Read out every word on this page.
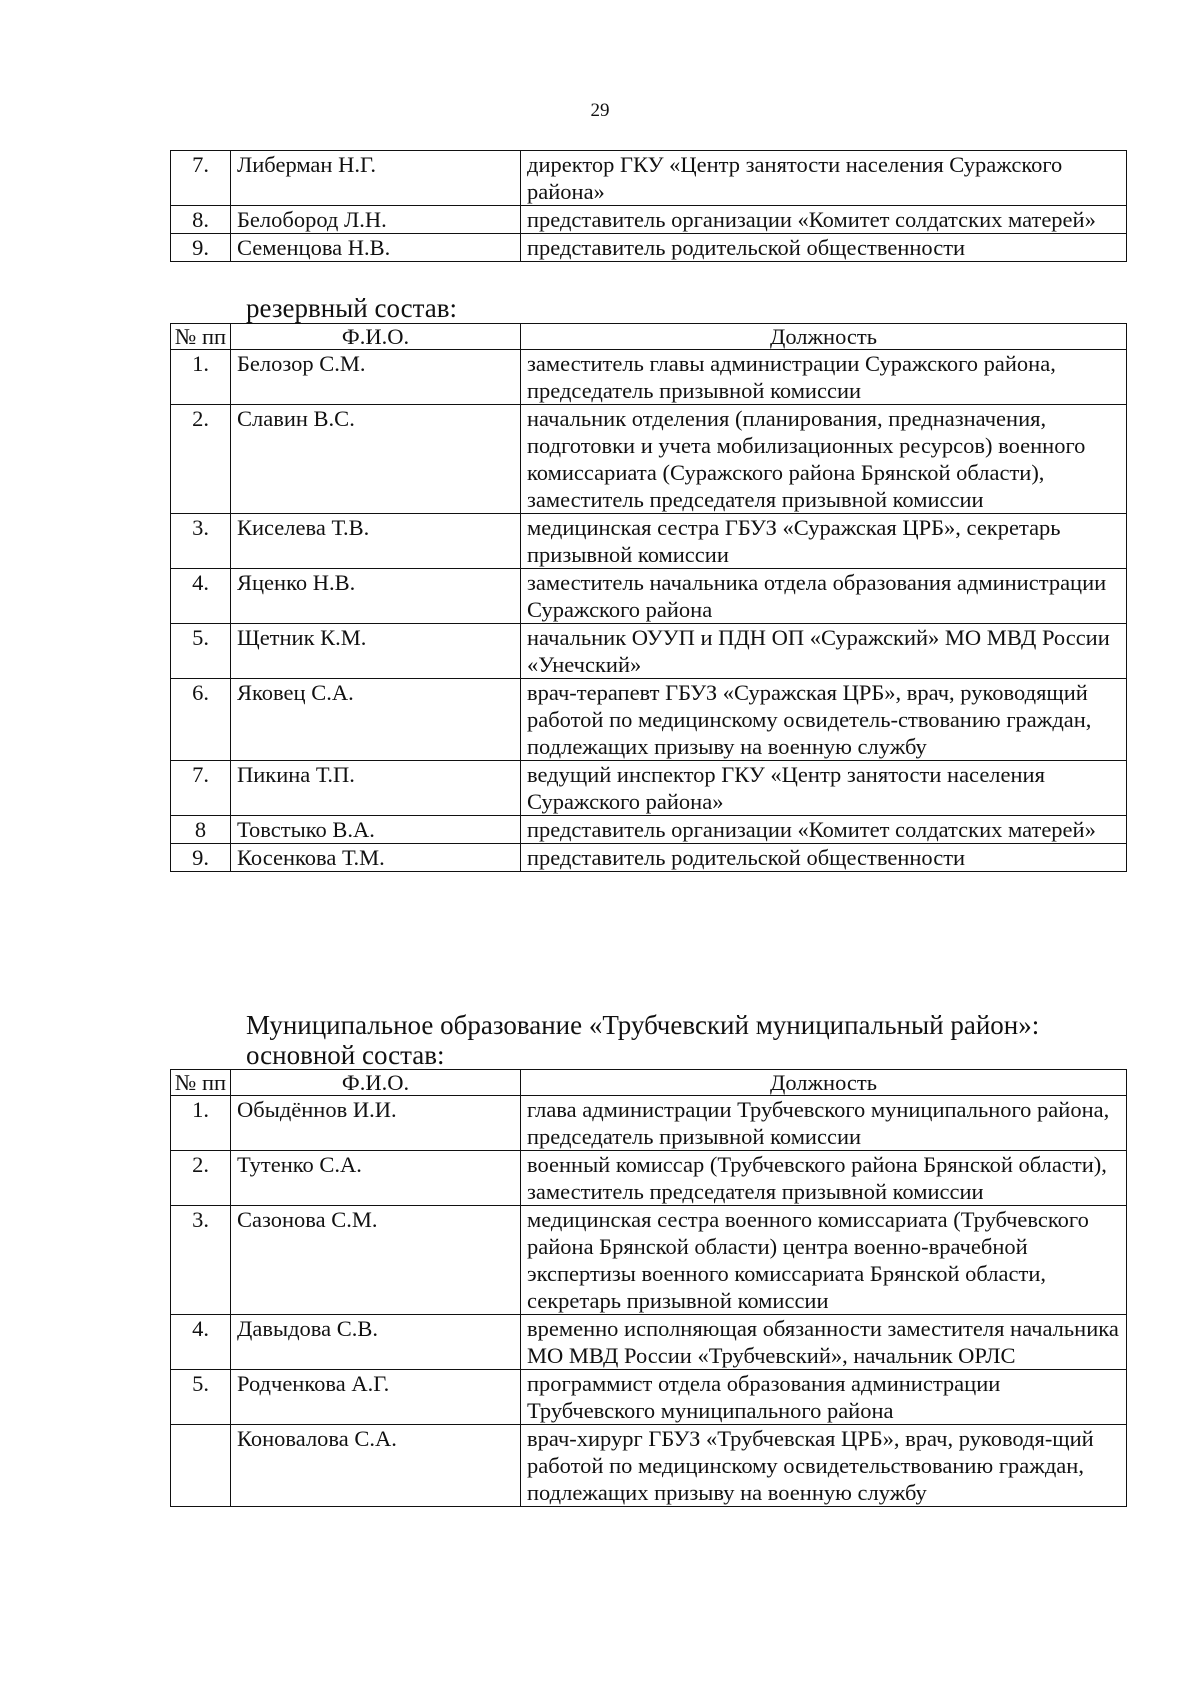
29
7.	Либерман Н.Г.	директор ГКУ «Центр занятости населения Суражского района»
8.	Белобород Л.Н.	представитель организации «Комитет солдатских матерей»
9.	Семенцова Н.В.	представитель родительской общественности
резервный состав:
№ пп	Ф.И.О.	Должность
1.	Белозор С.М.	заместитель главы администрации Суражского района, председатель призывной комиссии
2.	Славин В.С.	начальник отделения (планирования, предназначения, подготовки и учета мобилизационных ресурсов) военного комиссариата (Суражского района Брянской области), заместитель председателя призывной комиссии
3.	Киселева Т.В.	медицинская сестра ГБУЗ «Суражская ЦРБ», секретарь призывной комиссии
4.	Яценко Н.В.	заместитель начальника отдела образования администрации Суражского района
5.	Щетник К.М.	начальник ОУУП и ПДН ОП «Суражский» МО МВД России «Унечский»
6.	Яковец С.А.	врач-терапевт ГБУЗ «Суражская ЦРБ», врач, руководящий работой по медицинскому освидетель-ствованию граждан, подлежащих призыву на военную службу
7.	Пикина Т.П.	ведущий инспектор ГКУ «Центр занятости населения Суражского района»
8	Товстыко В.А.	представитель организации «Комитет солдатских матерей»
9.	Косенкова Т.М.	представитель родительской общественности
Муниципальное образование «Трубчевский муниципальный район»:
основной состав:
№ пп	Ф.И.О.	Должность
1.	Обыдённов И.И.	глава администрации Трубчевского муниципального района, председатель призывной комиссии
2.	Тутенко С.А.	военный комиссар (Трубчевского района Брянской области), заместитель председателя призывной комиссии
3.	Сазонова С.М.	медицинская сестра военного комиссариата (Трубчевского района Брянской области) центра военно-врачебной экспертизы военного комиссариата Брянской области, секретарь призывной комиссии
4.	Давыдова С.В.	временно исполняющая обязанности заместителя начальника МО МВД России «Трубчевский», начальник ОРЛС
5.	Родченкова А.Г.	программист отдела образования администрации Трубчевского муниципального района
	Коновалова С.А.	врач-хирург ГБУЗ «Трубчевская ЦРБ», врач, руководя-щий работой по медицинскому освидетельствованию граждан, подлежащих призыву на военную службу
